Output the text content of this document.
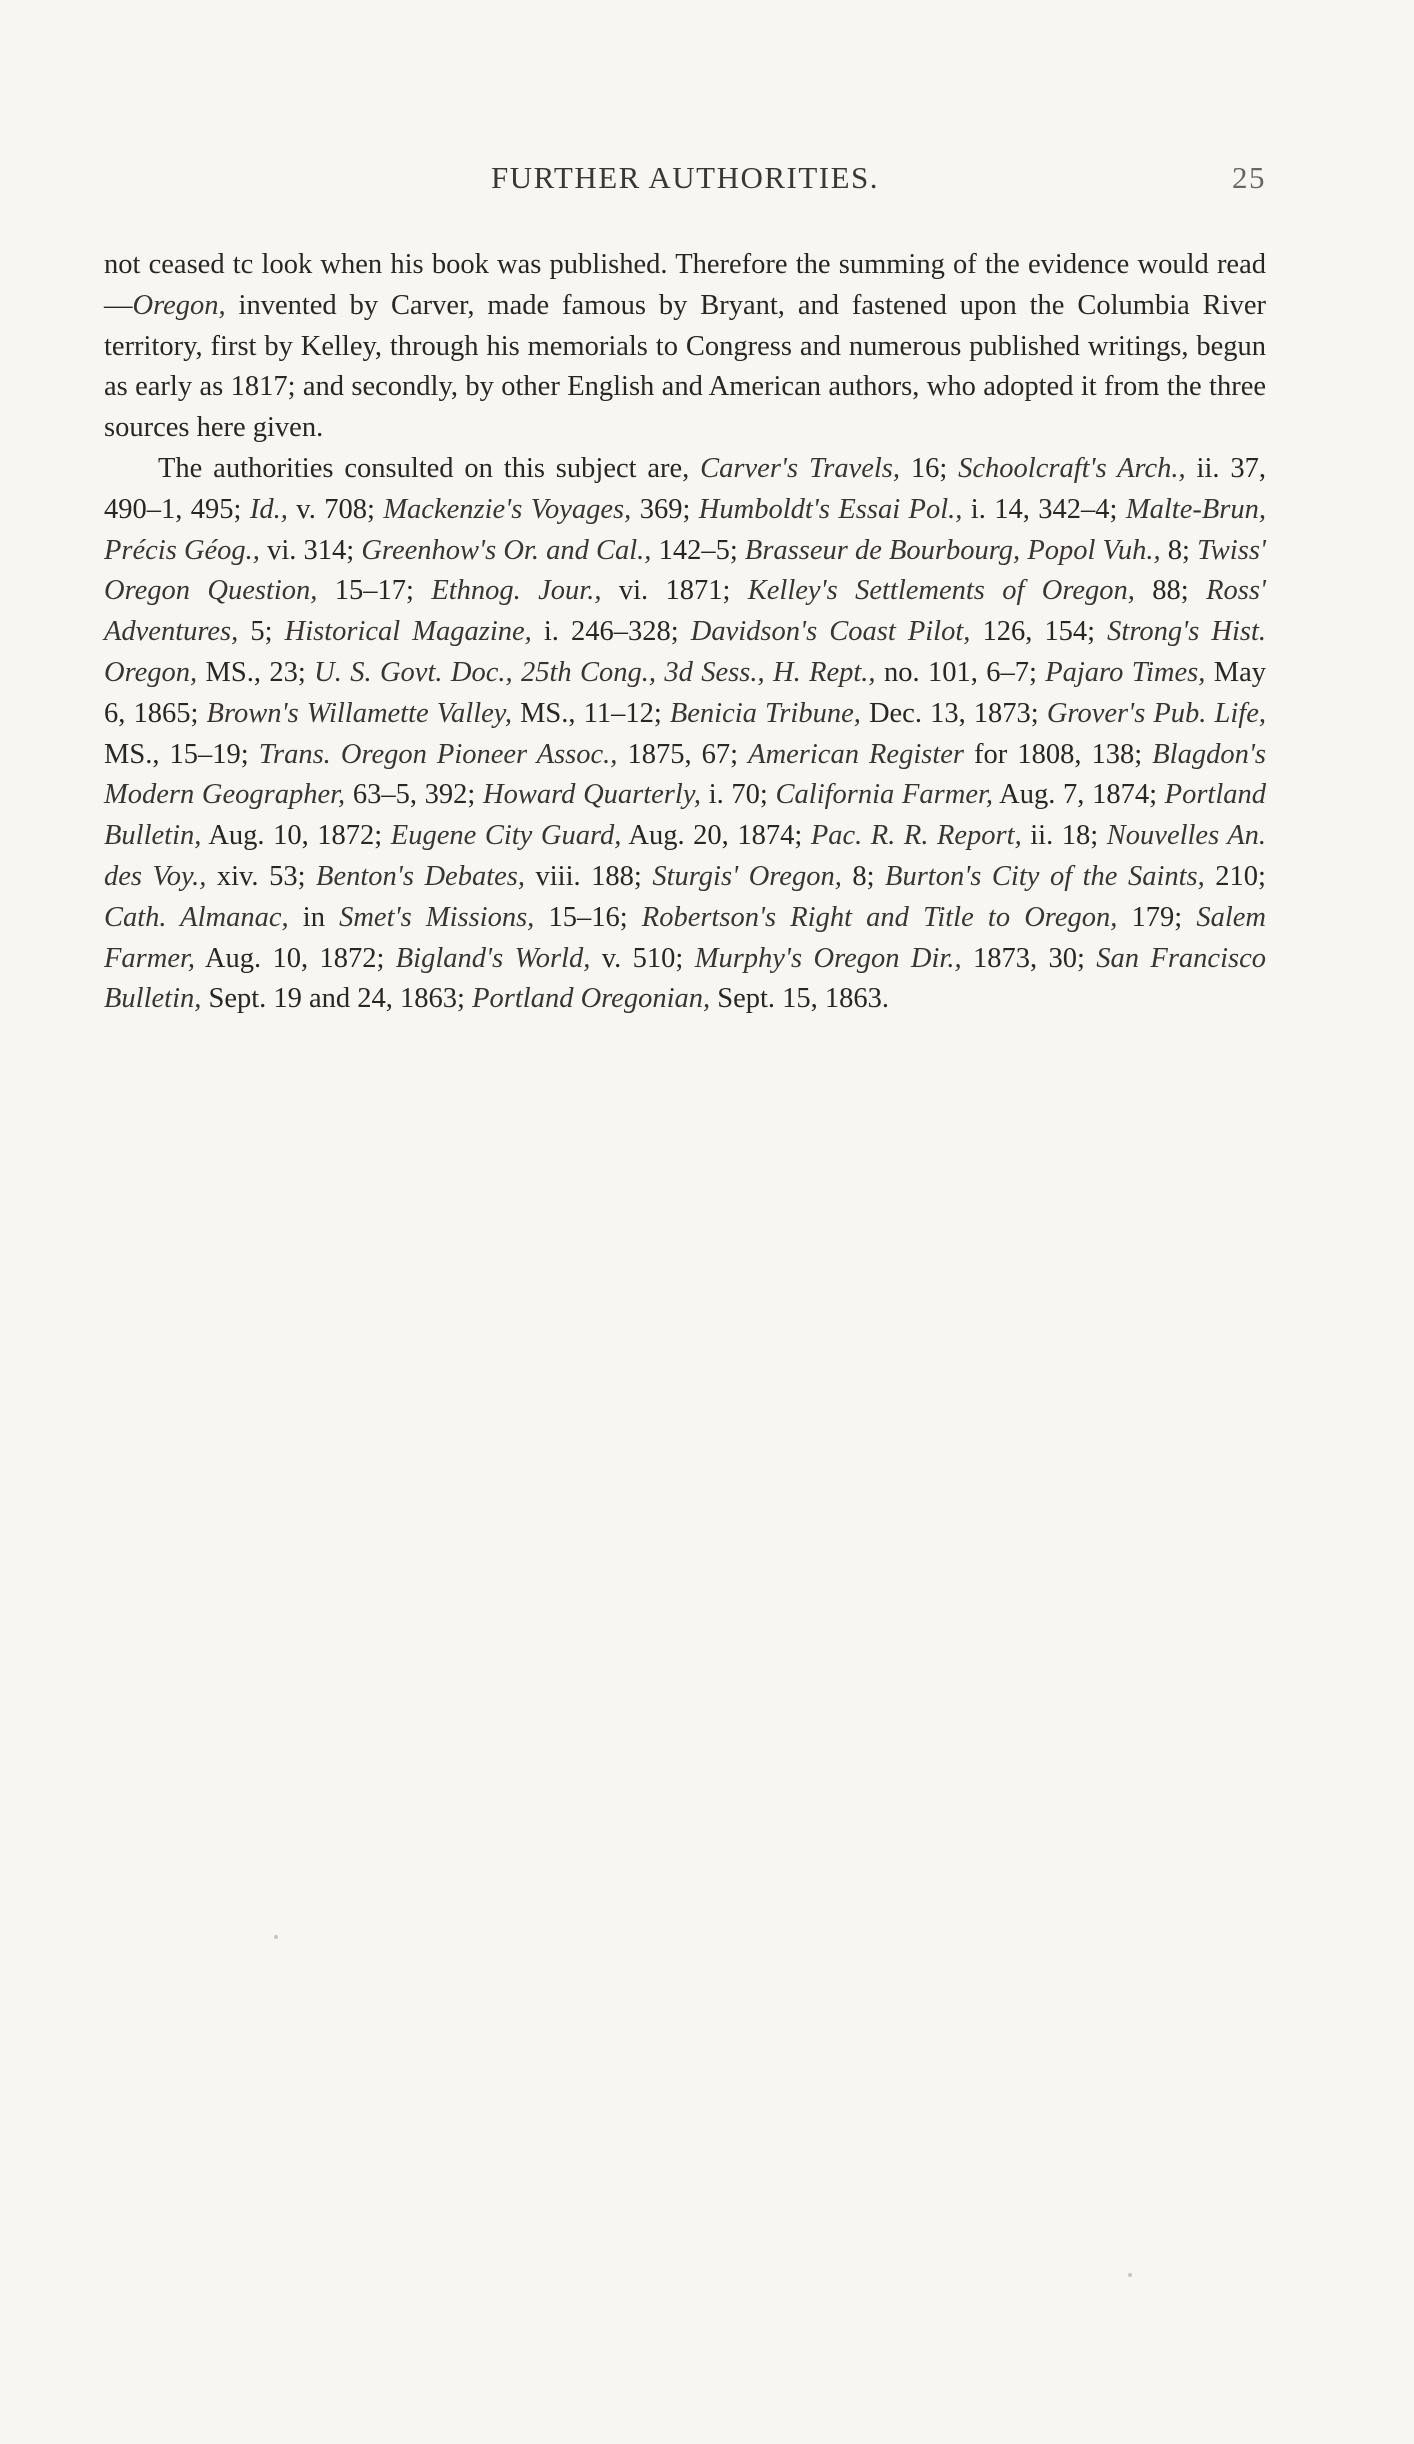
FURTHER AUTHORITIES.	25

not ceased tc look when his book was published. Therefore the summing of the evidence would read—Oregon, invented by Carver, made famous by Bryant, and fastened upon the Columbia River territory, first by Kelley, through his memorials to Congress and numerous published writings, begun as early as 1817; and secondly, by other English and American authors, who adopted it from the three sources here given.

The authorities consulted on this subject are, Carver's Travels, 16; Schoolcraft's Arch., ii. 37, 490–1, 495; Id., v. 708; Mackenzie's Voyages, 369; Humboldt's Essai Pol., i. 14, 342–4; Malte-Brun, Précis Géog., vi. 314; Greenhow's Or. and Cal., 142–5; Brasseur de Bourbourg, Popol Vuh., 8; Twiss' Oregon Question, 15–17; Ethnog. Jour., vi. 1871; Kelley's Settlements of Oregon, 88; Ross' Adventures, 5; Historical Magazine, i. 246–328; Davidson's Coast Pilot, 126, 154; Strong's Hist. Oregon, MS., 23; U. S. Govt. Doc., 25th Cong., 3d Sess., H. Rept., no. 101, 6–7; Pajaro Times, May 6, 1865; Brown's Willamette Valley, MS., 11–12; Benicia Tribune, Dec. 13, 1873; Grover's Pub. Life, MS., 15–19; Trans. Oregon Pioneer Assoc., 1875, 67; American Register for 1808, 138; Blagdon's Modern Geographer, 63–5, 392; Howard Quarterly, i. 70; California Farmer, Aug. 7, 1874; Portland Bulletin, Aug. 10, 1872; Eugene City Guard, Aug. 20, 1874; Pac. R. R. Report, ii. 18; Nouvelles An. des Voy., xiv. 53; Benton's Debates, viii. 188; Sturgis' Oregon, 8; Burton's City of the Saints, 210; Cath. Almanac, in Smet's Missions, 15–16; Robertson's Right and Title to Oregon, 179; Salem Farmer, Aug. 10, 1872; Bigland's World, v. 510; Murphy's Oregon Dir., 1873, 30; San Francisco Bulletin, Sept. 19 and 24, 1863; Portland Oregonian, Sept. 15, 1863.
